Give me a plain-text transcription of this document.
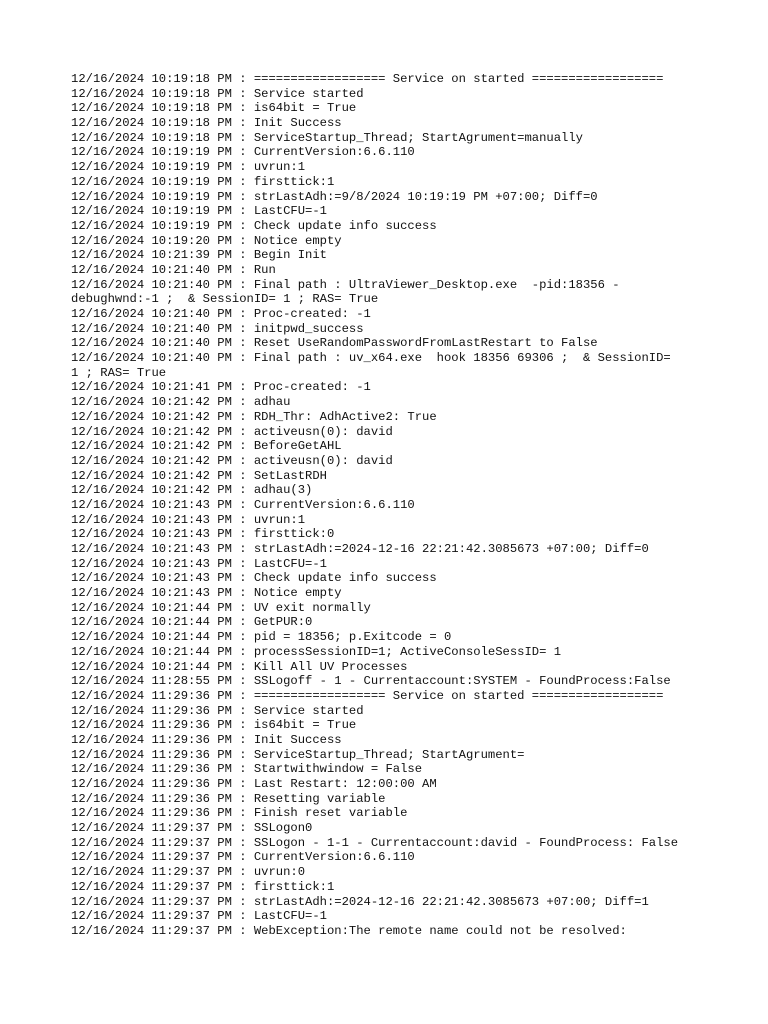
12/16/2024 10:19:18 PM : ================== Service on started ==================
12/16/2024 10:19:18 PM : Service started
12/16/2024 10:19:18 PM : is64bit = True
12/16/2024 10:19:18 PM : Init Success
12/16/2024 10:19:18 PM : ServiceStartup_Thread; StartAgrument=manually
12/16/2024 10:19:19 PM : CurrentVersion:6.6.110
12/16/2024 10:19:19 PM : uvrun:1
12/16/2024 10:19:19 PM : firsttick:1
12/16/2024 10:19:19 PM : strLastAdh:=9/8/2024 10:19:19 PM +07:00; Diff=0
12/16/2024 10:19:19 PM : LastCFU=-1
12/16/2024 10:19:19 PM : Check update info success
12/16/2024 10:19:20 PM : Notice empty
12/16/2024 10:21:39 PM : Begin Init
12/16/2024 10:21:40 PM : Run
12/16/2024 10:21:40 PM : Final path : UltraViewer_Desktop.exe  -pid:18356 -
debughwnd:-1 ;  & SessionID= 1 ; RAS= True
12/16/2024 10:21:40 PM : Proc-created: -1
12/16/2024 10:21:40 PM : initpwd_success
12/16/2024 10:21:40 PM : Reset UseRandomPasswordFromLastRestart to False
12/16/2024 10:21:40 PM : Final path : uv_x64.exe  hook 18356 69306 ;  & SessionID=
1 ; RAS= True
12/16/2024 10:21:41 PM : Proc-created: -1
12/16/2024 10:21:42 PM : adhau
12/16/2024 10:21:42 PM : RDH_Thr: AdhActive2: True
12/16/2024 10:21:42 PM : activeusn(0): david
12/16/2024 10:21:42 PM : BeforeGetAHL
12/16/2024 10:21:42 PM : activeusn(0): david
12/16/2024 10:21:42 PM : SetLastRDH
12/16/2024 10:21:42 PM : adhau(3)
12/16/2024 10:21:43 PM : CurrentVersion:6.6.110
12/16/2024 10:21:43 PM : uvrun:1
12/16/2024 10:21:43 PM : firsttick:0
12/16/2024 10:21:43 PM : strLastAdh:=2024-12-16 22:21:42.3085673 +07:00; Diff=0
12/16/2024 10:21:43 PM : LastCFU=-1
12/16/2024 10:21:43 PM : Check update info success
12/16/2024 10:21:43 PM : Notice empty
12/16/2024 10:21:44 PM : UV exit normally
12/16/2024 10:21:44 PM : GetPUR:0
12/16/2024 10:21:44 PM : pid = 18356; p.Exitcode = 0
12/16/2024 10:21:44 PM : processSessionID=1; ActiveConsoleSessID= 1
12/16/2024 10:21:44 PM : Kill All UV Processes
12/16/2024 11:28:55 PM : SSLogoff - 1 - Currentaccount:SYSTEM - FoundProcess:False
12/16/2024 11:29:36 PM : ================== Service on started ==================
12/16/2024 11:29:36 PM : Service started
12/16/2024 11:29:36 PM : is64bit = True
12/16/2024 11:29:36 PM : Init Success
12/16/2024 11:29:36 PM : ServiceStartup_Thread; StartAgrument=
12/16/2024 11:29:36 PM : Startwithwindow = False
12/16/2024 11:29:36 PM : Last Restart: 12:00:00 AM
12/16/2024 11:29:36 PM : Resetting variable
12/16/2024 11:29:36 PM : Finish reset variable
12/16/2024 11:29:37 PM : SSLogon0
12/16/2024 11:29:37 PM : SSLogon - 1-1 - Currentaccount:david - FoundProcess: False
12/16/2024 11:29:37 PM : CurrentVersion:6.6.110
12/16/2024 11:29:37 PM : uvrun:0
12/16/2024 11:29:37 PM : firsttick:1
12/16/2024 11:29:37 PM : strLastAdh:=2024-12-16 22:21:42.3085673 +07:00; Diff=1
12/16/2024 11:29:37 PM : LastCFU=-1
12/16/2024 11:29:37 PM : WebException:The remote name could not be resolved:
